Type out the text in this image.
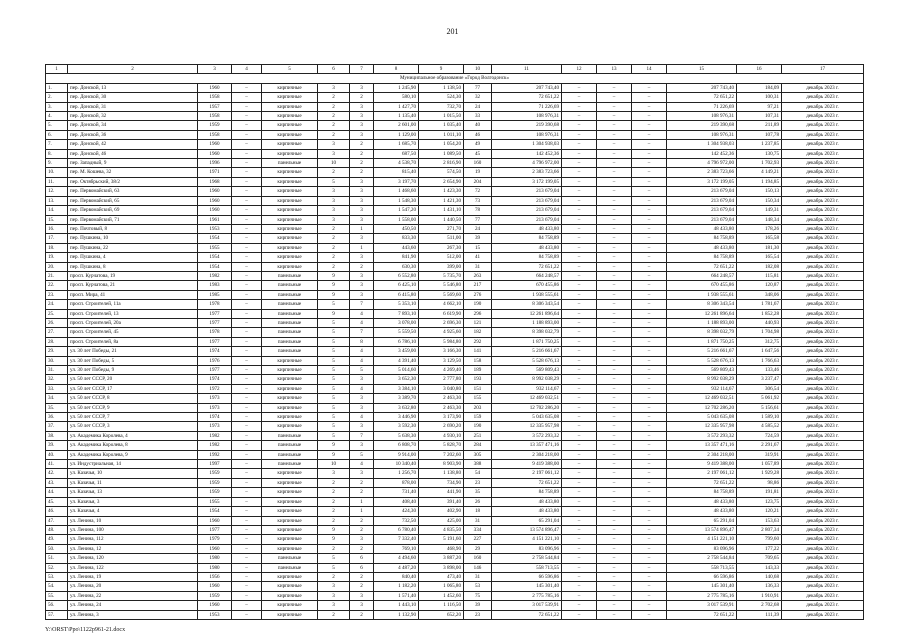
201
1	2	3	4	5	6	7	8	9	10	11	12	13	14	15	16	17
Муниципальное образование «Город Волгодонск»																
1.	пер. Донской, 13	1960	–	кирпичные	3	3	1 245,90	1 138,50	77	207 743,40	–	–	–	207 743,40	184,09	декабрь 2023 г.
2.	пер. Донской, 30	1958	–	кирпичные	2	2	580,10	524,30	32	72 651,22	–	–	–	72 651,22	100,31	декабрь 2023 г.
3.	пер. Донской, 31	1957	–	кирпичные	2	3	1 427,70	732,70	24	71 226,69	–	–	–	71 226,69	97,21	декабрь 2023 г.
4.	пер. Донской, 32	1958	–	кирпичные	2	3	1 135,40	1 015,50	33	108 976,31	–	–	–	108 976,31	107,31	декабрь 2023 г.
5.	пер. Донской, 34	1959	–	кирпичные	2	3	2 601,00	1 035,40	40	219 390,68	–	–	–	219 390,68	211,89	декабрь 2023 г.
6.	пер. Донской, 36	1958	–	кирпичные	2	3	1 129,00	1 011,10	46	108 976,31	–	–	–	108 976,31	107,78	декабрь 2023 г.
7.	пер. Донской, 42	1960	–	кирпичные	3	2	1 685,70	1 054,20	49	1 304 938,03	–	–	–	1 304 938,03	1 237,85	декабрь 2023 г.
8.	пер. Донской, 46	1960	–	кирпичные	3	2	687,50	1 089,50	45	142 452,36	–	–	–	142 452,36	130,75	декабрь 2023 г.
9.	пер. Западный, 9	1996	–	панельные	10	2	4 538,70	2 816,90	160	4 796 972,00	–	–	–	4 796 972,00	1 702,93	декабрь 2023 г.
10.	пер. М. Кошева, 32	1971	–	кирпичные	2	2	815,40	574,50	19	2 383 723,66	–	–	–	2 383 723,66	4 149,21	декабрь 2023 г.
11.	пер. Октябрьский, 38/2	1968	–	кирпичные	5	3	3 197,70	2 654,90	204	3 172 199,05	–	–	–	3 172 199,05	1 194,85	декабрь 2023 г.
12.	пер. Первомайский, 63	1960	–	кирпичные	3	3	1 468,60	1 423,30	72	213 679,04	–	–	–	213 679,04	150,13	декабрь 2023 г.
13.	пер. Первомайский, 65	1960	–	кирпичные	3	3	1 548,30	1 421,30	73	213 679,04	–	–	–	213 679,04	150,34	декабрь 2023 г.
14.	пер. Первомайский, 69	1960	–	кирпичные	3	3	1 547,20	1 431,10	78	213 679,04	–	–	–	213 679,04	149,31	декабрь 2023 г.
15.	пер. Первомайский, 71	1961	–	кирпичные	3	3	1 558,00	1 440,50	77	213 679,04	–	–	–	213 679,04	148,34	декабрь 2023 г.
16.	пер. Почтовый, 8	1953	–	кирпичные	2	1	450,50	271,70	24	48 433,80	–	–	–	48 433,80	178,26	декабрь 2023 г.
17.	пер. Пушкина, 10	1954	–	кирпичные	2	3	833,30	511,00	39	84 758,89	–	–	–	84 758,89	165,58	декабрь 2023 г.
18.	пер. Пушкина, 22	1955	–	кирпичные	2	1	443,60	267,30	15	48 433,80	–	–	–	48 433,80	181,30	декабрь 2023 г.
19.	пер. Пушкина, 4	1954	–	кирпичные	2	3	841,90	512,00	41	84 758,89	–	–	–	84 758,89	165,54	декабрь 2023 г.
20.	пер. Пушкина, 8	1954	–	кирпичные	2	2	630,30	399,00	31	72 651,22	–	–	–	72 651,22	182,08	декабрь 2023 г.
21.	просп. Курчатова, 19	1982	–	панельные	9	3	6 552,80	5 735,70	263	664 248,57	–	–	–	664 248,57	115,81	декабрь 2023 г.
22.	просп. Курчатова, 21	1983	–	панельные	9	3	6 425,10	5 546,80	217	670 455,86	–	–	–	670 455,86	120,87	декабрь 2023 г.
23.	просп. Мира, 41	1985	–	панельные	9	3	6 415,80	5 569,60	276	1 938 555,61	–	–	–	1 938 555,61	348,06	декабрь 2023 г.
24.	просп. Строителей, 11а	1978	–	панельные	5	7	5 353,10	4 662,10	190	8 306 343,54	–	–	–	8 306 343,54	1 781,67	декабрь 2023 г.
25.	просп. Строителей, 13	1977	–	панельные	9	4	7 893,10	6 619,90	296	12 261 896,64	–	–	–	12 261 896,64	1 852,28	декабрь 2023 г.
26.	просп. Строителей, 20а	1977	–	панельные	5	4	3 078,00	2 696,30	121	1 188 893,00	–	–	–	1 188 893,00	440,93	декабрь 2023 г.
27.	просп. Строителей, 45	1978	–	панельные	5	7	5 559,50	4 925,60	182	8 398 032,79	–	–	–	8 398 032,79	1 704,98	декабрь 2023 г.
28.	просп. Строителей, 8а	1977	–	панельные	5	8	6 786,10	5 984,80	292	1 871 750,25	–	–	–	1 871 750,25	312,75	декабрь 2023 г.
29.	ул. 30 лет Победы, 21	1974	–	панельные	5	4	3 459,00	3 166,30	141	5 216 661,67	–	–	–	5 216 661,67	1 647,56	декабрь 2023 г.
30.	ул. 30 лет Победы, 5	1976	–	кирпичные	5	4	4 391,40	3 129,50	158	5 528 676,13	–	–	–	5 528 676,13	1 766,63	декабрь 2023 г.
31.	ул. 30 лет Победы, 9	1977	–	кирпичные	5	5	5 014,60	4 269,40	189	569 809,43	–	–	–	569 809,43	133,46	декабрь 2023 г.
32.	ул. 50 лет СССР, 20	1974	–	кирпичные	5	3	3 652,30	2 777,80	193	8 992 038,29	–	–	–	8 992 038,29	3 237,47	декабрь 2023 г.
33.	ул. 50 лет СССР, 17	1972	–	кирпичные	5	4	3 384,10	3 040,80	151	932 114,67	–	–	–	932 114,67	306,54	декабрь 2023 г.
34.	ул. 50 лет СССР, 8	1973	–	кирпичные	5	3	3 389,70	2 463,30	155	12 469 032,51	–	–	–	12 469 032,51	5 061,92	декабрь 2023 г.
35.	ул. 50 лет СССР, 9	1973	–	кирпичные	5	3	3 632,80	2 463,30	203	12 702 286,20	–	–	–	12 702 286,20	5 156,61	декабрь 2023 г.
36.	ул. 50 лет СССР, 7	1974	–	кирпичные	5	4	3 446,90	3 173,90	159	5 043 635,08	–	–	–	5 043 635,08	1 589,10	декабрь 2023 г.
37.	ул. 50 лет СССР, 3	1973	–	кирпичные	5	3	3 592,30	2 690,20	190	12 335 957,98	–	–	–	12 335 957,98	4 585,52	декабрь 2023 г.
38.	ул. Академика Королева, 4	1982	–	панельные	5	7	5 638,30	4 930,10	251	3 572 293,32	–	–	–	3 572 293,32	724,59	декабрь 2023 г.
39.	ул. Академика Королева, 8	1982	–	панельные	9	3	6 808,70	5 828,70	284	13 357 471,16	–	–	–	13 357 471,16	2 291,67	декабрь 2023 г.
40.	ул. Академика Королева, 9	1992	–	панельные	9	5	9 914,00	7 202,60	305	2 304 218,00	–	–	–	2 304 218,00	319,91	декабрь 2023 г.
41.	ул. Индустриальная, 14	1997	–	панельные	10	4	10 340,40	8 903,90	388	9 419 388,00	–	–	–	9 419 388,00	1 057,89	декабрь 2023 г.
42.	ул. Казачья, 10	1959	–	кирпичные	3	3	1 256,70	1 138,80	54	2 197 061,12	–	–	–	2 197 061,12	1 929,28	декабрь 2023 г.
43.	ул. Казачья, 11	1959	–	кирпичные	2	2	878,00	734,90	23	72 651,22	–	–	–	72 651,22	98,86	декабрь 2023 г.
44.	ул. Казачья, 13	1959	–	кирпичные	2	2	731,40	441,90	35	84 758,89	–	–	–	84 758,89	191,81	декабрь 2023 г.
45.	ул. Казачья, 3	1955	–	кирпичные	2	1	408,40	391,40	26	48 433,80	–	–	–	48 433,80	123,75	декабрь 2023 г.
46.	ул. Казачья, 4	1954	–	кирпичные	2	1	424,30	402,90	18	48 433,80	–	–	–	48 433,80	120,21	декабрь 2023 г.
47.	ул. Ленина, 10	1960	–	кирпичные	2	2	732,50	425,00	31	65 291,04	–	–	–	65 291,04	153,63	декабрь 2023 г.
48.	ул. Ленина, 100	1977	–	кирпичные	9	2	6 780,40	4 835,50	334	13 574 896,47	–	–	–	13 574 896,47	2 807,34	декабрь 2023 г.
49.	ул. Ленина, 112	1979	–	кирпичные	9	3	7 332,40	5 191,60	227	4 151 221,10	–	–	–	4 151 221,10	799,60	декабрь 2023 г.
50.	ул. Ленина, 12	1960	–	кирпичные	2	2	769,10	468,90	29	83 096,96	–	–	–	83 096,96	177,22	декабрь 2023 г.
51.	ул. Ленина, 120	1980	–	панельные	5	6	4 494,60	3 887,20	160	2 758 544,84	–	–	–	2 758 544,84	709,65	декабрь 2023 г.
52.	ул. Ленина, 122	1980	–	панельные	5	6	4 487,20	3 898,00	146	558 713,55	–	–	–	558 713,55	143,33	декабрь 2023 г.
53.	ул. Ленина, 19	1956	–	кирпичные	2	2	840,40	473,40	31	66 596,86	–	–	–	66 596,86	140,68	декабрь 2023 г.
54.	ул. Ленина, 20	1960	–	кирпичные	3	2	1 182,20	1 065,80	53	145 301,40	–	–	–	145 301,40	136,33	декабрь 2023 г.
55.	ул. Ленина, 22	1959	–	кирпичные	3	3	1 571,40	1 452,60	75	2 775 785,16	–	–	–	2 775 785,16	1 910,91	декабрь 2023 г.
56.	ул. Ленина, 24	1960	–	кирпичные	3	3	1 443,10	1 116,50	39	3 017 539,91	–	–	–	3 017 539,91	2 702,68	декабрь 2023 г.
57.	ул. Ленина, 3	1953	–	кирпичные	2	2	1 132,90	652,20	23	72 651,22	–	–	–	72 651,22	111,39	декабрь 2023 г.
Y:\ORST\Ppo\1122p961-21.docx
